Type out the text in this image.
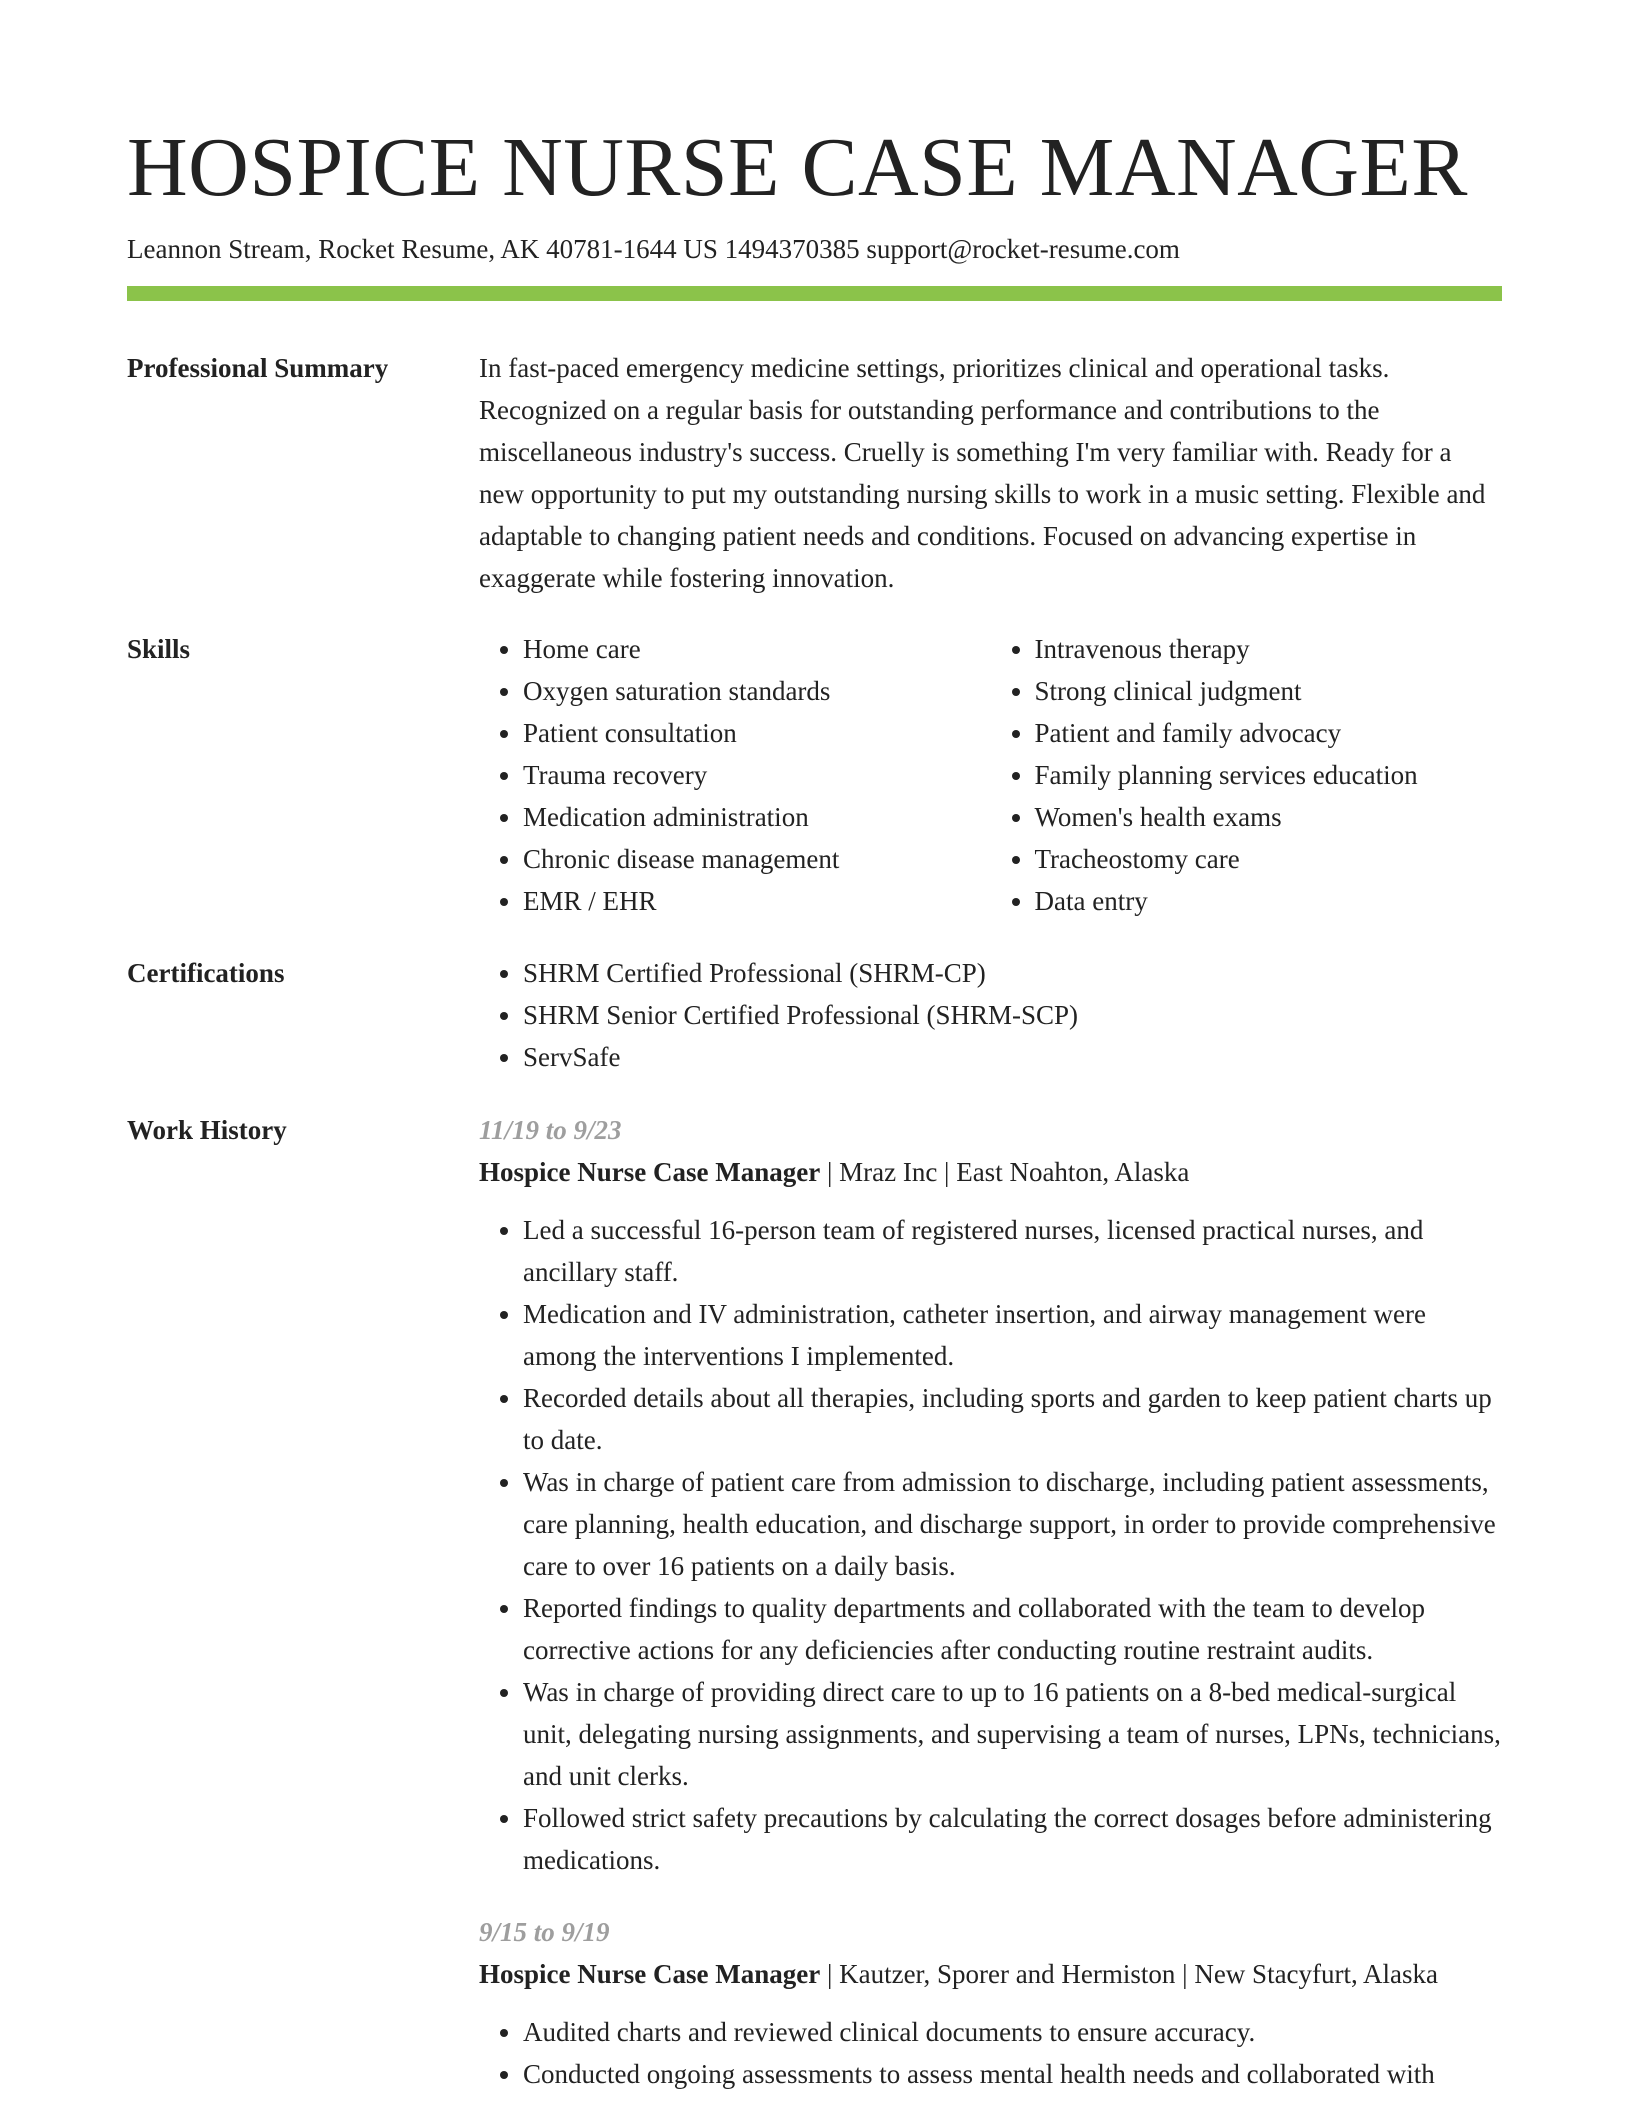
HOSPICE NURSE CASE MANAGER
Leannon Stream, Rocket Resume, AK 40781-1644 US 1494370385 support@rocket-resume.com
Professional Summary	In fast-paced emergency medicine settings, prioritizes clinical and operational tasks. Recognized on a regular basis for outstanding performance and contributions to the miscellaneous industry's success. Cruelly is something I'm very familiar with. Ready for a new opportunity to put my outstanding nursing skills to work in a music setting. Flexible and adaptable to changing patient needs and conditions. Focused on advancing expertise in exaggerate while fostering innovation.

Skills	• Home care
• Oxygen saturation standards
• Patient consultation
• Trauma recovery
• Medication administration
• Chronic disease management
• EMR / EHR
• Intravenous therapy
• Strong clinical judgment
• Patient and family advocacy
• Family planning services education
• Women's health exams
• Tracheostomy care
• Data entry
Certifications	• SHRM Certified Professional (SHRM-CP)
• SHRM Senior Certified Professional (SHRM-SCP)
• ServSafe
Work History	11/19 to 9/23
Hospice Nurse Case Manager | Mraz Inc | East Noahton, Alaska
• Led a successful 16-person team of registered nurses, licensed practical nurses, and ancillary staff.
• Medication and IV administration, catheter insertion, and airway management were among the interventions I implemented.
• Recorded details about all therapies, including sports and garden to keep patient charts up to date.
• Was in charge of patient care from admission to discharge, including patient assessments, care planning, health education, and discharge support, in order to provide comprehensive care to over 16 patients on a daily basis.
• Reported findings to quality departments and collaborated with the team to develop corrective actions for any deficiencies after conducting routine restraint audits.
• Was in charge of providing direct care to up to 16 patients on a 8-bed medical-surgical unit, delegating nursing assignments, and supervising a team of nurses, LPNs, technicians, and unit clerks.
• Followed strict safety precautions by calculating the correct dosages before administering medications.
9/15 to 9/19
Hospice Nurse Case Manager | Kautzer, Sporer and Hermiston | New Stacyfurt, Alaska
• Audited charts and reviewed clinical documents to ensure accuracy.
• Conducted ongoing assessments to assess mental health needs and collaborated with
